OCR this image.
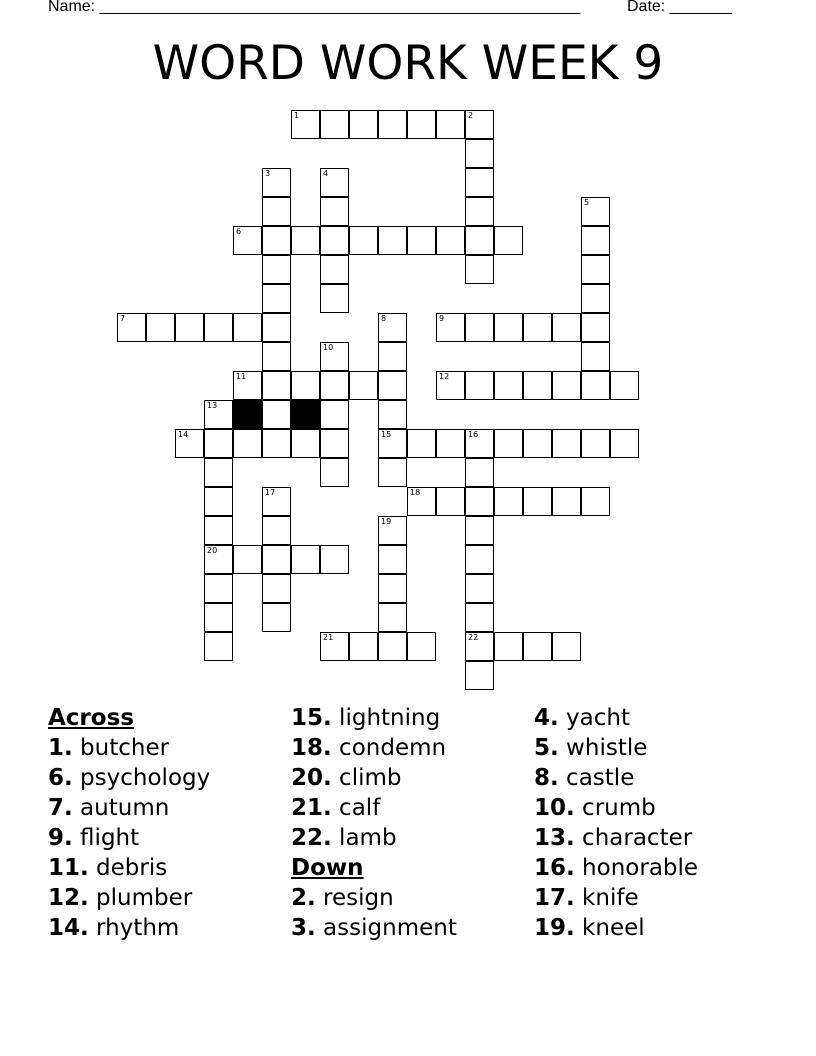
Name: ______________________________________________________	Date: _______
WORD WORK WEEK 9
1	2
6
7	9
11	12
14	15	16
18
20
21	22
3	4
5
8
10
13
17
19
Across
1. butcher
6. psychology
7. autumn
9. flight
11. debris
12. plumber
14. rhythm
15. lightning
18. condemn
20. climb
21. calf
22. lamb
Down
2. resign
3. assignment
4. yacht
5. whistle
8. castle
10. crumb
13. character
16. honorable
17. knife
19. kneel
